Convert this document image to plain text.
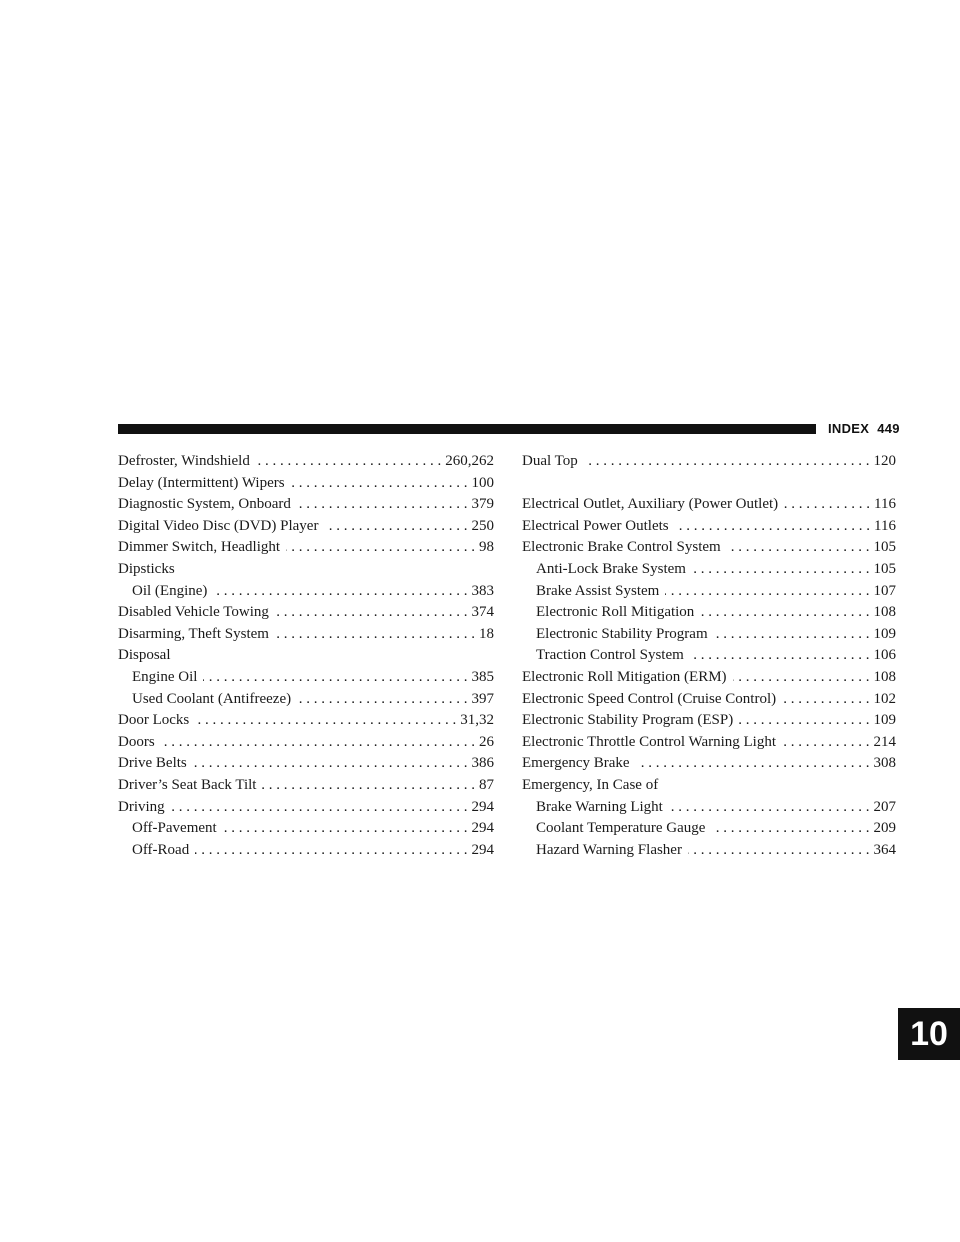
INDEX 449
Defroster, Windshield . . .	260,262
Delay (Intermittent) Wipers . . .	100
Diagnostic System, Onboard . . .	379
Digital Video Disc (DVD) Player . . .	250
Dimmer Switch, Headlight . . .	98
Dipsticks
Oil (Engine) . . .	383
Disabled Vehicle Towing . . .	374
Disarming, Theft System . . .	18
Disposal
Engine Oil . . .	385
Used Coolant (Antifreeze) . . .	397
Door Locks . . .	31,32
Doors . . .	26
Drive Belts . . .	386
Driver’s Seat Back Tilt . . .	87
Driving . . .	294
Off-Pavement . . .	294
Off-Road . . .	294
Dual Top . . .	120
Electrical Outlet, Auxiliary (Power Outlet) . . .	116
Electrical Power Outlets . . .	116
Electronic Brake Control System . . .	105
Anti-Lock Brake System . . .	105
Brake Assist System . . .	107
Electronic Roll Mitigation . . .	108
Electronic Stability Program . . .	109
Traction Control System . . .	106
Electronic Roll Mitigation (ERM) . . .	108
Electronic Speed Control (Cruise Control) . . .	102
Electronic Stability Program (ESP) . . .	109
Electronic Throttle Control Warning Light . . .	214
Emergency Brake . . .	308
Emergency, In Case of
Brake Warning Light . . .	207
Coolant Temperature Gauge . . .	209
Hazard Warning Flasher . . .	364
10
